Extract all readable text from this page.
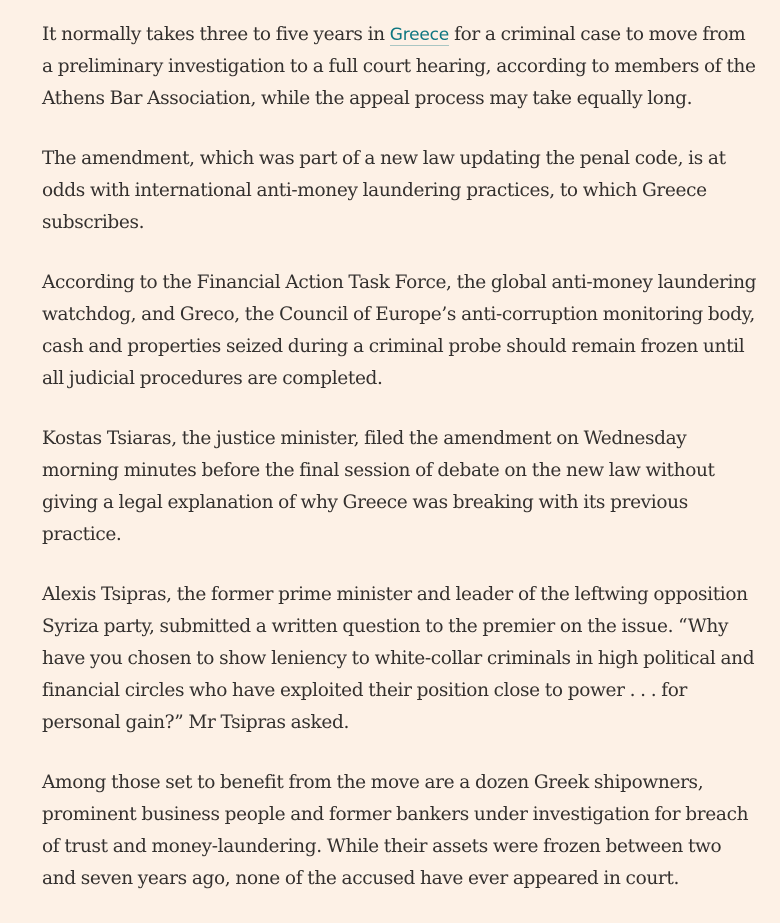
It normally takes three to five years in Greece for a criminal case to move from a preliminary investigation to a full court hearing, according to members of the Athens Bar Association, while the appeal process may take equally long.

The amendment, which was part of a new law updating the penal code, is at odds with international anti-money laundering practices, to which Greece subscribes.

According to the Financial Action Task Force, the global anti-money laundering watchdog, and Greco, the Council of Europe’s anti-corruption monitoring body, cash and properties seized during a criminal probe should remain frozen until all judicial procedures are completed.

Kostas Tsiaras, the justice minister, filed the amendment on Wednesday morning minutes before the final session of debate on the new law without giving a legal explanation of why Greece was breaking with its previous practice.

Alexis Tsipras, the former prime minister and leader of the leftwing opposition Syriza party, submitted a written question to the premier on the issue. “Why have you chosen to show leniency to white-collar criminals in high political and financial circles who have exploited their position close to power . . . for personal gain?” Mr Tsipras asked.

Among those set to benefit from the move are a dozen Greek shipowners, prominent business people and former bankers under investigation for breach of trust and money-laundering. While their assets were frozen between two and seven years ago, none of the accused have ever appeared in court.
